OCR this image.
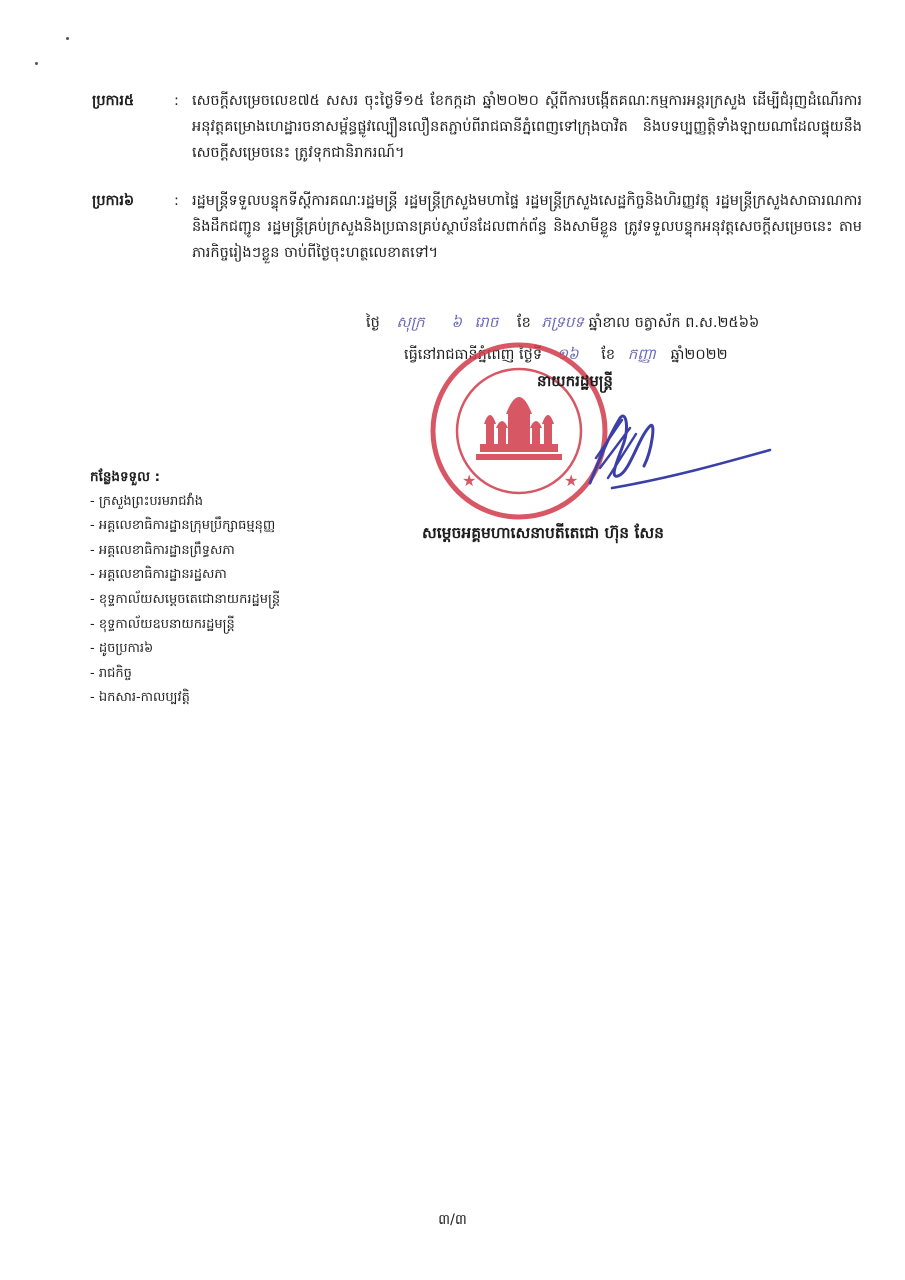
ប្រការ៥	: សេចក្ដីសម្រេចលេខ៧៥ សសរ ចុះថ្ងៃទី១៥ ខែកក្កដា ឆ្នាំ២០២០ ស្ដីពីការបង្កើតគណៈកម្មការអន្តរក្រសួង ដើម្បីជំរុញដំណើរការអនុវត្តគម្រោងហេដ្ឋារចនាសម្ព័ន្ធផ្លូវល្បឿនលឿនតភ្ជាប់ពីរាជធានីភ្នំពេញទៅក្រុងបាវិត និងបទប្បញ្ញត្តិទាំងឡាយណាដែលផ្ទុយនឹងសេចក្ដីសម្រេចនេះ ត្រូវទុកជានិរាករណ៍។
ប្រការ៦	: រដ្ឋមន្ត្រីទទួលបន្ទុកទីស្ដីការគណៈរដ្ឋមន្ត្រី រដ្ឋមន្ត្រីក្រសួងមហាផ្ទៃ រដ្ឋមន្ត្រីក្រសួងសេដ្ឋកិច្ចនិងហិរញ្ញវត្ថុ រដ្ឋមន្ត្រីក្រសួងសាធារណការ និងដឹកជញ្ជូន រដ្ឋមន្ត្រីគ្រប់ក្រសួងនិងប្រធានគ្រប់ស្ថាប័នដែលពាក់ព័ន្ធ និងសាមីខ្លួន ត្រូវទទួលបន្ទុកអនុវត្តសេចក្ដីសម្រេចនេះ តាមភារកិច្ចរៀងៗខ្លួន ចាប់ពីថ្ងៃចុះហត្ថលេខាតទៅ។
ថ្ងៃ សុក្រ ៦ រោច ខែ ភទ្របទ ឆ្នាំខាល ចត្វាស័ក ព.ស.២៥៦៦
ធ្វើនៅរាជធានីភ្នំពេញ ថ្ងៃទី ១៦ ខែ កញ្ញា ឆ្នាំ២០២២
★	★
នាយករដ្ឋមន្ត្រី
កន្លែងទទួល :
- ក្រសួងព្រះបរមរាជវាំង
- អគ្គលេខាធិការដ្ឋានក្រុមប្រឹក្សាធម្មនុញ្ញ
- អគ្គលេខាធិការដ្ឋានព្រឹទ្ធសភា
- អគ្គលេខាធិការដ្ឋានរដ្ឋសភា
- ខុទ្ទកាល័យសម្ដេចតេជោនាយករដ្ឋមន្ត្រី
- ខុទ្ទកាល័យឧបនាយករដ្ឋមន្ត្រី
- ដូចប្រការ៦
- រាជកិច្ច
- ឯកសារ-កាលប្បវត្តិ
សម្ដេចអគ្គមហាសេនាបតីតេជោ ហ៊ុន សែន
៣/៣
